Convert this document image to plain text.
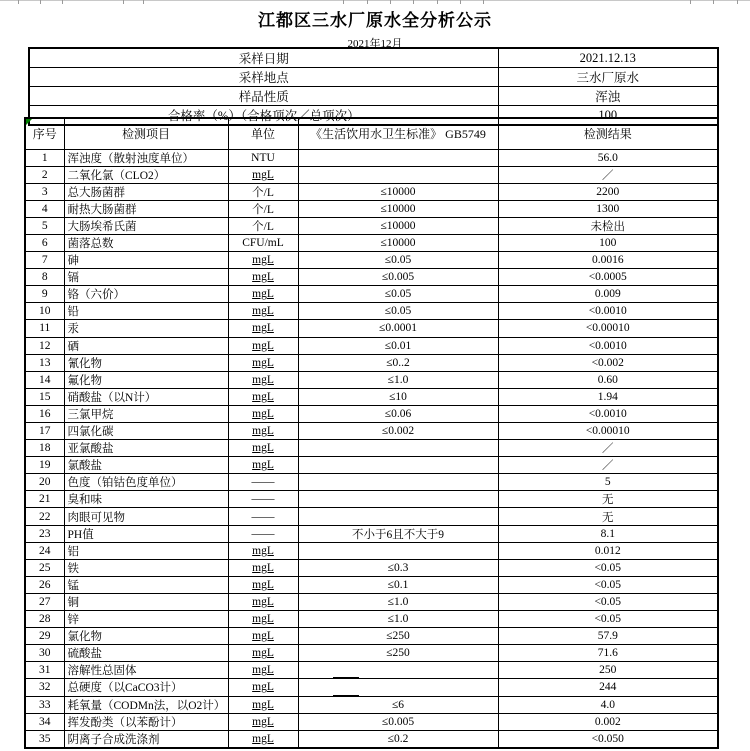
江都区三水厂原水全分析公示
2021年12月
采样日期	2021.12.13
采样地点	三水厂原水
样品性质	浑浊
合格率（%）（合格项次／总项次）	100
序号	检测项目	单位	《生活饮用水卫生标准》 GB5749	检测结果
1	浑浊度（散射浊度单位）	NTU		56.0
2	二氧化氯（CLO2）	mgL		／
3	总大肠菌群	个/L	≤10000	2200
4	耐热大肠菌群	个/L	≤10000	1300
5	大肠埃希氏菌	个/L	≤10000	未检出
6	菌落总数	CFU/mL	≤10000	100
7	砷	mgL	≤0.05	0.0016
8	镉	mgL	≤0.005	<0.0005
9	铬（六价）	mgL	≤0.05	0.009
10	铅	mgL	≤0.05	<0.0010
11	汞	mgL	≤0.0001	<0.00010
12	硒	mgL	≤0.01	<0.0010
13	氰化物	mgL	≤0..2	<0.002
14	氟化物	mgL	≤1.0	0.60
15	硝酸盐（以N计）	mgL	≤10	1.94
16	三氯甲烷	mgL	≤0.06	<0.0010
17	四氯化碳	mgL	≤0.002	<0.00010
18	亚氯酸盐	mgL		／
19	氯酸盐	mgL		／
20	色度（铂钴色度单位）	——		5
21	臭和味	——		无
22	肉眼可见物	——		无
23	PH值	——	不小于6且不大于9	8.1
24	铝	mgL		0.012
25	铁	mgL	≤0.3	<0.05
26	锰	mgL	≤0.1	<0.05
27	铜	mgL	≤1.0	<0.05
28	锌	mgL	≤1.0	<0.05
29	氯化物	mgL	≤250	57.9
30	硫酸盐	mgL	≤250	71.6
31	溶解性总固体	mgL		250
32	总硬度（以CaCO3计）	mgL		244
33	耗氧量（CODMn法，以O2计）	mgL	≤6	4.0
34	挥发酚类（以苯酚计）	mgL	≤0.005	0.002
35	阴离子合成洗涤剂	mgL	≤0.2	<0.050
